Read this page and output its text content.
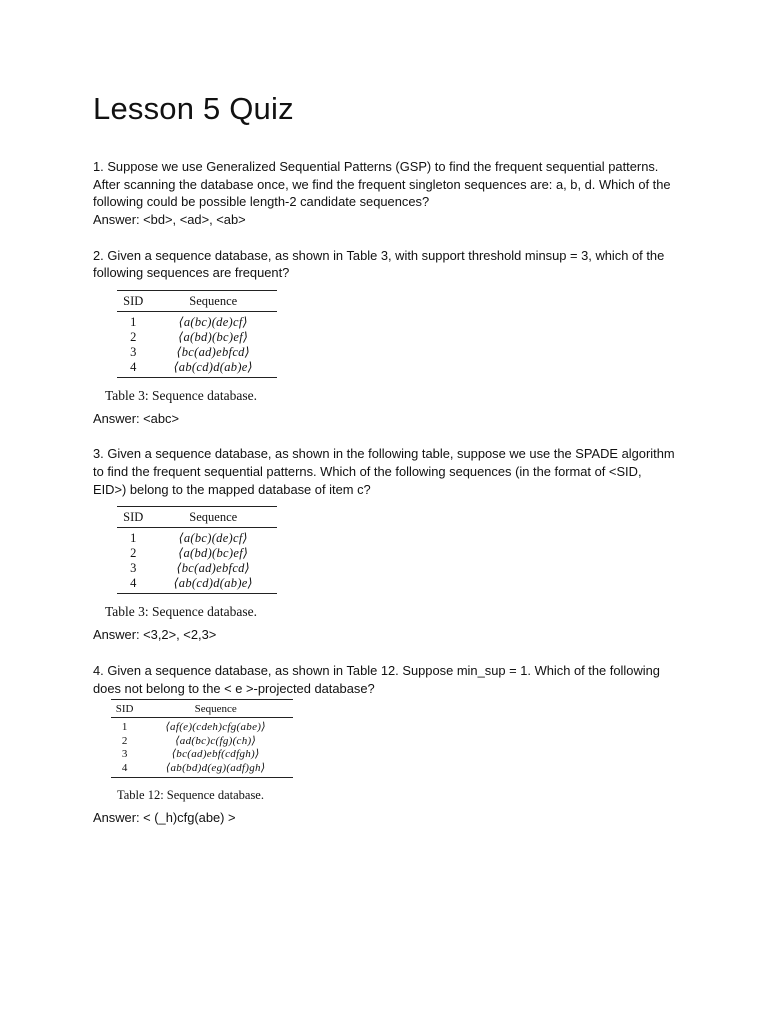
Lesson 5 Quiz

1. Suppose we use Generalized Sequential Patterns (GSP) to find the frequent sequential patterns.
After scanning the database once, we find the frequent singleton sequences are: a, b, d. Which of the
following could be possible length-2 candidate sequences?

Answer: <bd>, <ad>, <ab>

2. Given a sequence database, as shown in Table 3, with support threshold minsup = 3, which of the
following sequences are frequent?

SID	Sequence
1	⟨a(bc)(de)cf⟩
2	⟨a(bd)(bc)ef⟩
3	⟨bc(ad)ebfcd⟩
4	⟨ab(cd)d(ab)e⟩
Table 3: Sequence database.

Answer: <abc>

3. Given a sequence database, as shown in the following table, suppose we use the SPADE algorithm
to find the frequent sequential patterns. Which of the following sequences (in the format of <SID,
EID>) belong to the mapped database of item c?

SID	Sequence
1	⟨a(bc)(de)cf⟩
2	⟨a(bd)(bc)ef⟩
3	⟨bc(ad)ebfcd⟩
4	⟨ab(cd)d(ab)e⟩
Table 3: Sequence database.

Answer: <3,2>, <2,3>

4. Given a sequence database, as shown in Table 12. Suppose min_sup = 1. Which of the following
does not belong to the < e >-projected database?

SID	Sequence
1	⟨af(e)(cdeh)cfg(abe)⟩
2	⟨ad(bc)c(fg)(ch)⟩
3	⟨bc(ad)ebf(cdfgh)⟩
4	⟨ab(bd)d(eg)(adf)gh⟩
Table 12: Sequence database.

Answer: < (_h)cfg(abe) >
